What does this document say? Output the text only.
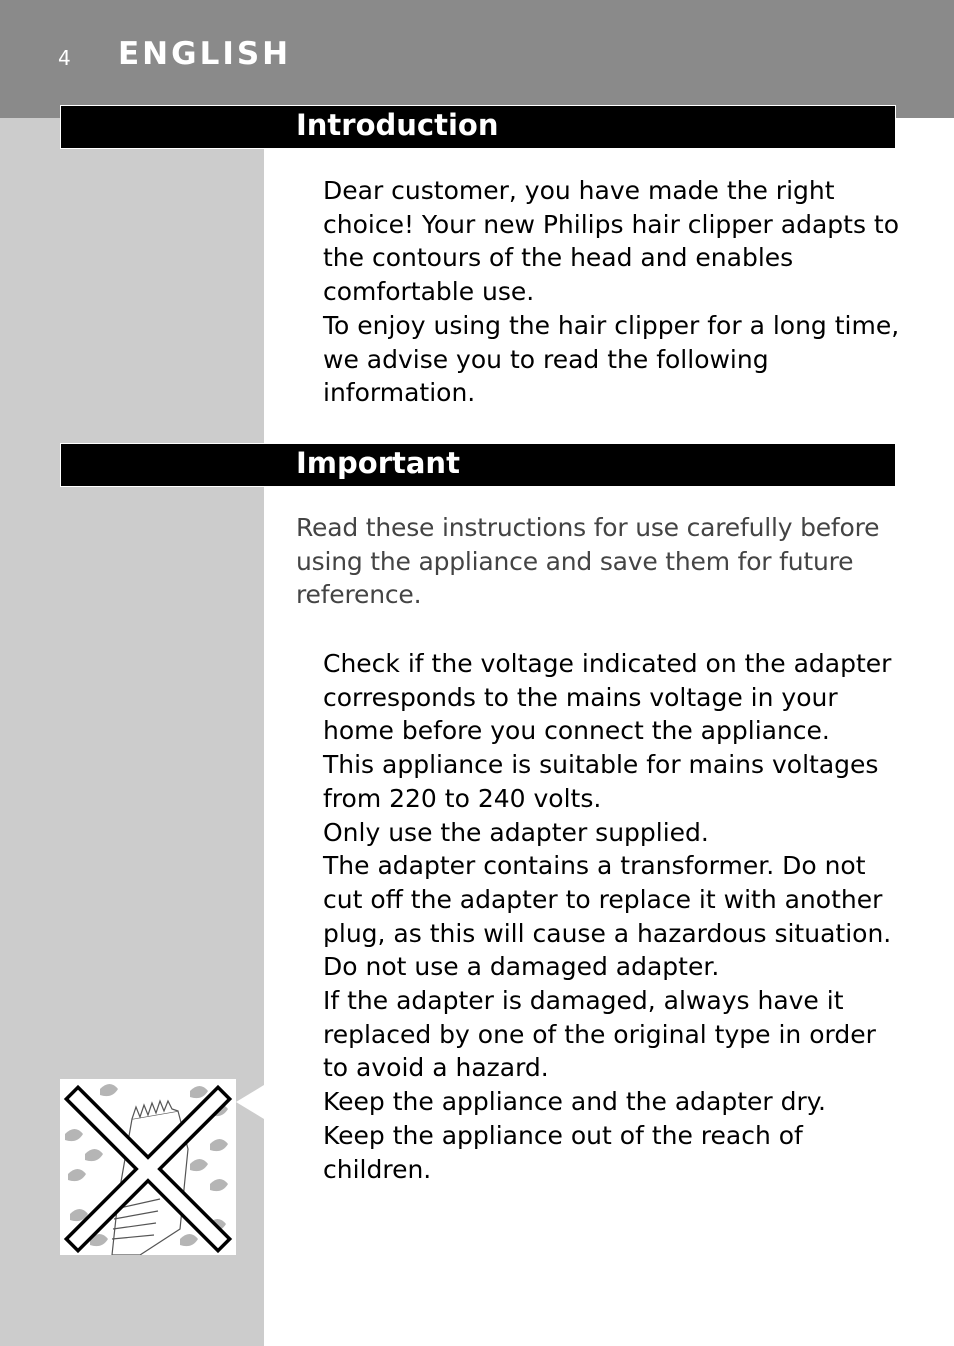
4 ENGLISH
Introduction
Dear customer, you have made the right
choice! Your new Philips hair clipper adapts to
the contours of the head and enables
comfortable use.
To enjoy using the hair clipper for a long time,
we advise you to read the following
information.
Important
Read these instructions for use carefully before
using the appliance and save them for future
reference.
Check if the voltage indicated on the adapter
corresponds to the mains voltage in your
home before you connect the appliance.
This appliance is suitable for mains voltages
from 220 to 240 volts.
Only use the adapter supplied.
The adapter contains a transformer. Do not
cut off the adapter to replace it with another
plug, as this will cause a hazardous situation.
Do not use a damaged adapter.
If the adapter is damaged, always have it
replaced by one of the original type in order
to avoid a hazard.
Keep the appliance and the adapter dry.
Keep the appliance out of the reach of
children.
